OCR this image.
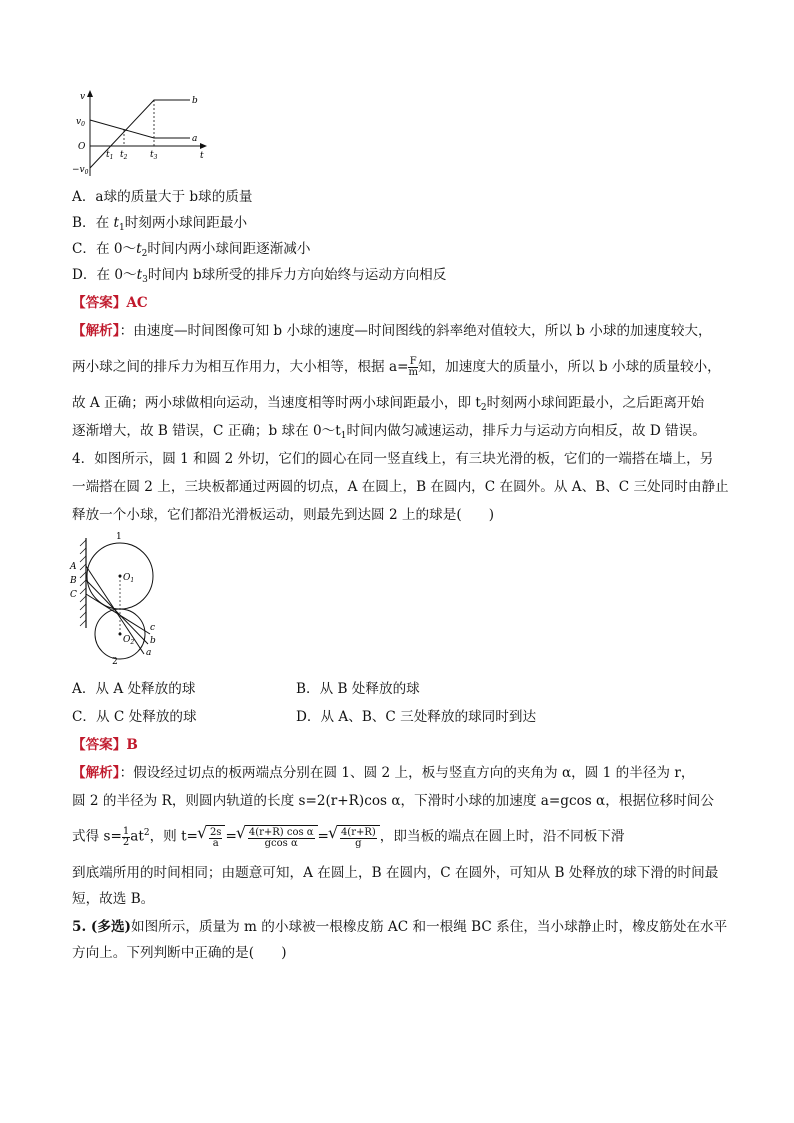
v
t
$v_0$
O
$-v_0$
$t_1$ $t_2$	$t_3$
a
b
A．a球的质量大于 b球的质量
B．在 $t_1$时刻两小球间距最小
C．在 $0\sim t_2$时间内两小球间距逐渐减小
D．在 $0\sim t_3$时间内 b球所受的排斥力方向始终与运动方向相反
【答案】AC
【解析】：由速度—时间图像可知 b 小球的速度—时间图线的斜率绝对值较大，所以 b 小球的加速度较大，
两小球之间的排斥力为相互作用力，大小相等，根据 $a= \frac{F}{m}$ 知，加速度大的质量小，所以 b 小球的质量较小，
故 A 正确；两小球做相向运动，当速度相等时两小球间距最小，即 $t_2$时刻两小球间距最小，之后距离开始
逐渐增大，故 B 错误，C 正确；b 球在 $0\sim t_1$时间内做匀减速运动，排斥力与运动方向相反，故 D 错误。
4．如图所示，圆 1 和圆 2 外切，它们的圆心在同一竖直线上，有三块光滑的板，它们的一端搭在墙上，另
一端搭在圆 2 上，三块板都通过两圆的切点，A 在圆上，B 在圆内，C 在圆外。从 A、B、C 三处同时由静止
释放一个小球，它们都沿光滑板运动，则最先到达圆 2 上的球是(　　)
1
2
$O_1$
$O_2$
A
B
C
c
b
a
A．从 A 处释放的球	B．从 B 处释放的球
C．从 C 处释放的球	D．从 A、B、C 三处释放的球同时到达
【答案】B
【解析】：假设经过切点的板两端点分别在圆 1、圆 2 上，板与竖直方向的夹角为 α，圆 1 的半径为 r，
圆 2 的半径为 R，则圆内轨道的长度 s=2(r+R)cos α，下滑时小球的加速度 a=gcos α，根据位移时间公
式得 $s= \frac{1}{2} at^2$，则 t= √ $\frac{2s}{a}$ = √ $\frac{\text{4(r+R) cos α}}{\text{gcos α}}$ = √ $\frac{4(r+R)}{g}$ ，即当板的端点在圆上时，沿不同板下滑
到底端所用的时间相同；由题意可知，A 在圆上，B 在圆内，C 在圆外，可知从 B 处释放的球下滑的时间最
短，故选 B。
5. (多选)如图所示，质量为 m 的小球被一根橡皮筋 AC 和一根绳 BC 系住，当小球静止时，橡皮筋处在水平
方向上。下列判断中正确的是(　　)
